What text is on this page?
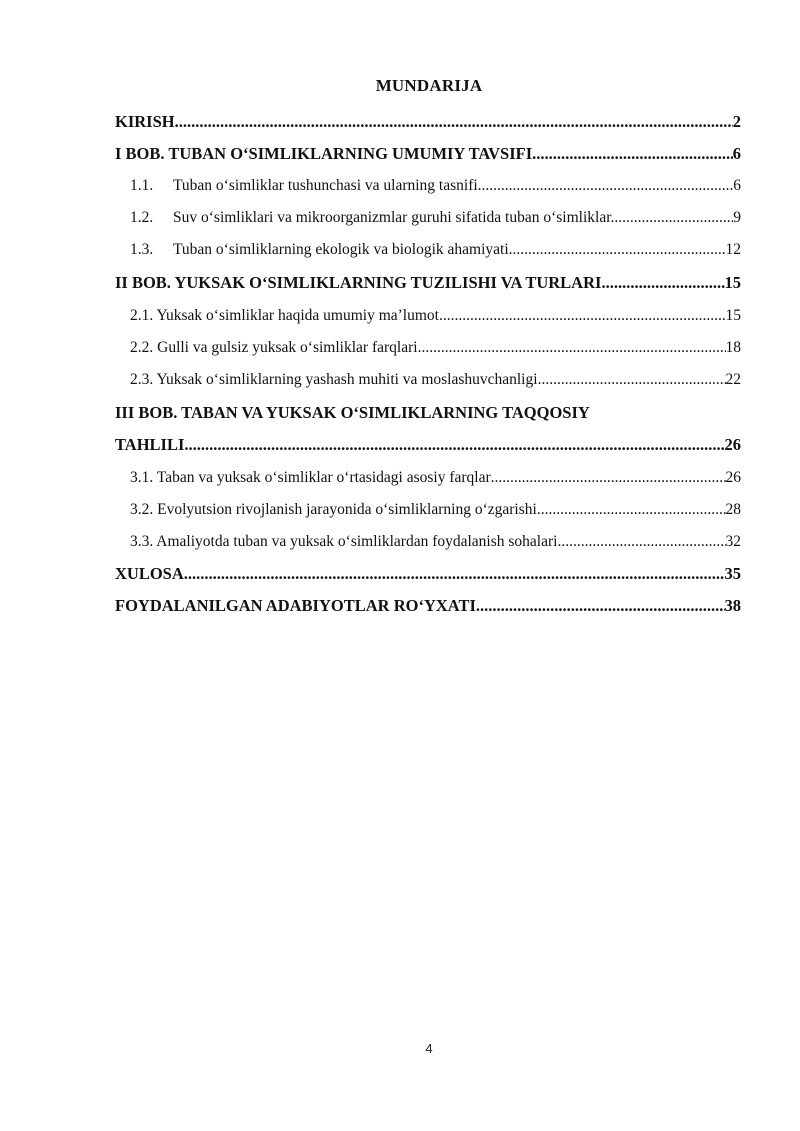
MUNDARIJA
KIRISH .....	2
I BOB. TUBAN O‘SIMLIKLARNING UMUMIY TAVSIFI .....	6
1.1.	Tuban o‘simliklar tushunchasi va ularning tasnifi .....	6
1.2.	Suv o‘simliklari va mikroorganizmlar guruhi sifatida tuban o‘simliklar. .....	9
1.3.	Tuban o‘simliklarning ekologik va biologik ahamiyati .....	12
II BOB. YUKSAK O‘SIMLIKLARNING TUZILISHI VA TURLARI .....	15
2.1. Yuksak o‘simliklar haqida umumiy ma’lumot .....	15
2.2. Gulli va gulsiz yuksak o‘simliklar farqlari .....	18
2.3. Yuksak o‘simliklarning yashash muhiti va moslashuvchanligi .....	22
III BOB. TABAN VA YUKSAK O‘SIMLIKLARNING TAQQOSIY
TAHLILI .....	26
3.1. Taban va yuksak o‘simliklar o‘rtasidagi asosiy farqlar .....	26
3.2. Evolyutsion rivojlanish jarayonida o‘simliklarning o‘zgarishi .....	28
3.3. Amaliyotda tuban va yuksak o‘simliklardan foydalanish sohalari .....	32
XULOSA .....	35
FOYDALANILGAN ADABIYOTLAR RO‘YXATI .....	38
4
